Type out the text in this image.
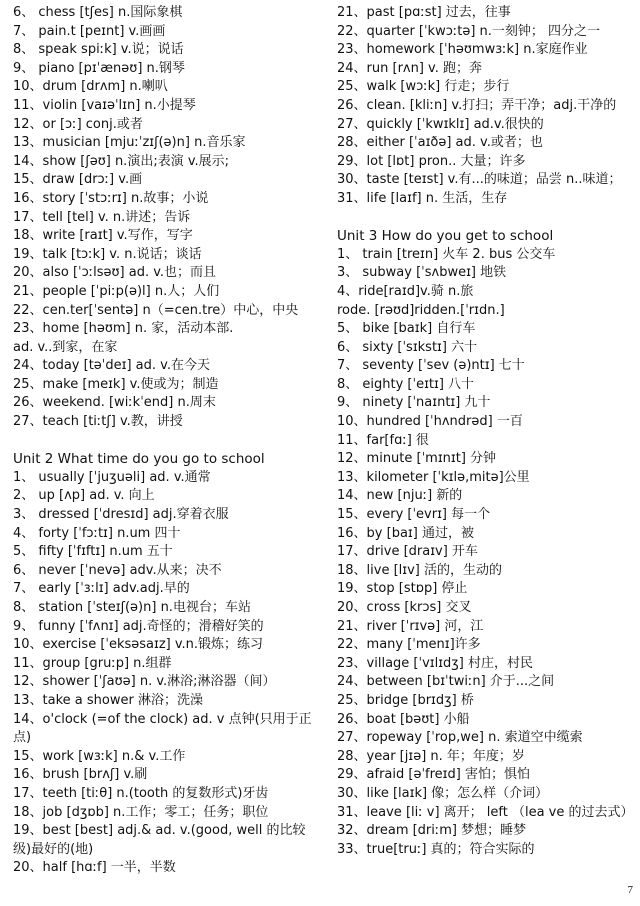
6、 chess [tʃes] n.国际象棋
7、 pain.t [peɪnt] v.画画
8、 speak spiːk] v.说；说话
9、 piano [pɪˈænəʊ] n.钢琴
10、drum [drʌm] n.喇叭
11、violin [vaɪəˈlɪn] n.小提琴
12、or [ɔː] conj.或者
13、musician [mjuːˈzɪʃ(ə)n] n.音乐家
14、show [ʃəʊ] n.演出;表演 v.展示;
15、draw [drɔː] v.画
16、story [ˈstɔːrɪ] n.故事；小说
17、tell [tel] v. n.讲述；告诉
18、write [raɪt] v.写作，写字
19、talk [tɔːk] v. n.说话；谈话
20、also [ˈɔːlsəʊ] ad. v.也；而且
21、people [ˈpiːp(ə)l] n.人；人们
22、cen.ter[ˈsentə] n（=cen.tre）中心，中央
23、home [həʊm] n. 家，活动本部.
ad. v..到家，在家
24、today [təˈdeɪ] ad. v.在今天
25、make [meɪk] v.使或为；制造
26、weekend. [wiːkˈend] n.周末
27、teach [tiːtʃ] v.教，讲授
Unit 2 What time do you go to school
1、 usually [ˈjuʒuəli] ad. v.通常
2、 up [ʌp] ad. v. 向上
3、 dressed [ˈdresɪd] adj.穿着衣服
4、 forty [ˈfɔːtɪ] n.um 四十
5、 fifty [ˈfɪftɪ] n.um 五十
6、 never [ˈnevə] adv.从来；决不
7、 early [ˈɜːlɪ] adv.adj.早的
8、 station [ˈsteɪʃ(ə)n] n.电视台；车站
9、 funny [ˈfʌnɪ] adj.奇怪的；滑稽好笑的
10、exercise [ˈeksəsaɪz] v.n.锻炼；练习
11、group [gruːp] n.组群
12、shower [ˈʃaʊə] n. v.淋浴;淋浴器（间）
13、take a shower 淋浴；洗澡
14、o'clock (=of the clock) ad. v 点钟(只用于正
点)
15、work [wɜːk] n.& v.工作
16、brush [brʌʃ] v.刷
17、teeth [tiːθ] n.(tooth 的复数形式)牙齿
18、job [dʒɒb] n.工作；零工；任务；职位
19、best [best] adj.& ad. v.(good, well 的比较
级)最好的(地)
20、half [hɑːf] 一半，半数
21、past [pɑːst] 过去，往事
22、quarter [ˈkwɔːtə] n.一刻钟； 四分之一
23、homework [ˈhəʊmwɜːk] n.家庭作业
24、run [rʌn] v. 跑；奔
25、walk [wɔːk] 行走；步行
26、clean. [kliːn] v.打扫；弄干净；adj.干净的
27、quickly [ˈkwɪklɪ] ad.v.很快的
28、either [ˈaɪðə] ad. v.或者；也
29、lot [lɒt] pron.. 大量；许多
30、taste [teɪst] v.有...的味道；品尝 n..味道；
31、life [laɪf] n. 生活，生存
Unit 3 How do you get to school
1、 train [treɪn] 火车 2. bus 公交车
3、 subway [ˈsʌbweɪ] 地铁
4、ride[raɪd]v.骑 n.旅
rode. [rəʊd]ridden.[ˈrɪdn.]
5、 bike [baɪk] 自行车
6、 sixty [ˈsɪkstɪ] 六十
7、 seventy [ˈsev (ə)ntɪ] 七十
8、 eighty [ˈeɪtɪ] 八十
9、 ninety [ˈnaɪntɪ] 九十
10、hundred [ˈhʌndrəd] 一百
11、far[fɑː] 很
12、minute [ˈmɪnɪt] 分钟
13、kilometer [ˈkɪlə,mitə]公里
14、new [njuː] 新的
15、every [ˈevrɪ] 每一个
16、by [baɪ] 通过，被
17、drive [draɪv] 开车
18、live [lɪv] 活的，生动的
19、stop [stɒp] 停止
20、cross [krɔs] 交叉
21、river [ˈrɪvə] 河，江
22、many [ˈmenɪ]许多
23、village [ˈvɪlɪdʒ] 村庄，村民
24、between [bɪˈtwiːn] 介于...之间
25、bridge [brɪdʒ] 桥
26、boat [bəʊt] 小船
27、ropeway [ˈrop,we] n. 索道空中缆索
28、year [jɪə] n. 年；年度；岁
29、afraid [əˈfreɪd] 害怕；惧怕
30、like [laɪk] 像；怎么样（介词）
31、leave [liː v] 离开； left （lea ve 的过去式）
32、dream [driːm] 梦想；睡梦
33、true[truː] 真的；符合实际的
7
